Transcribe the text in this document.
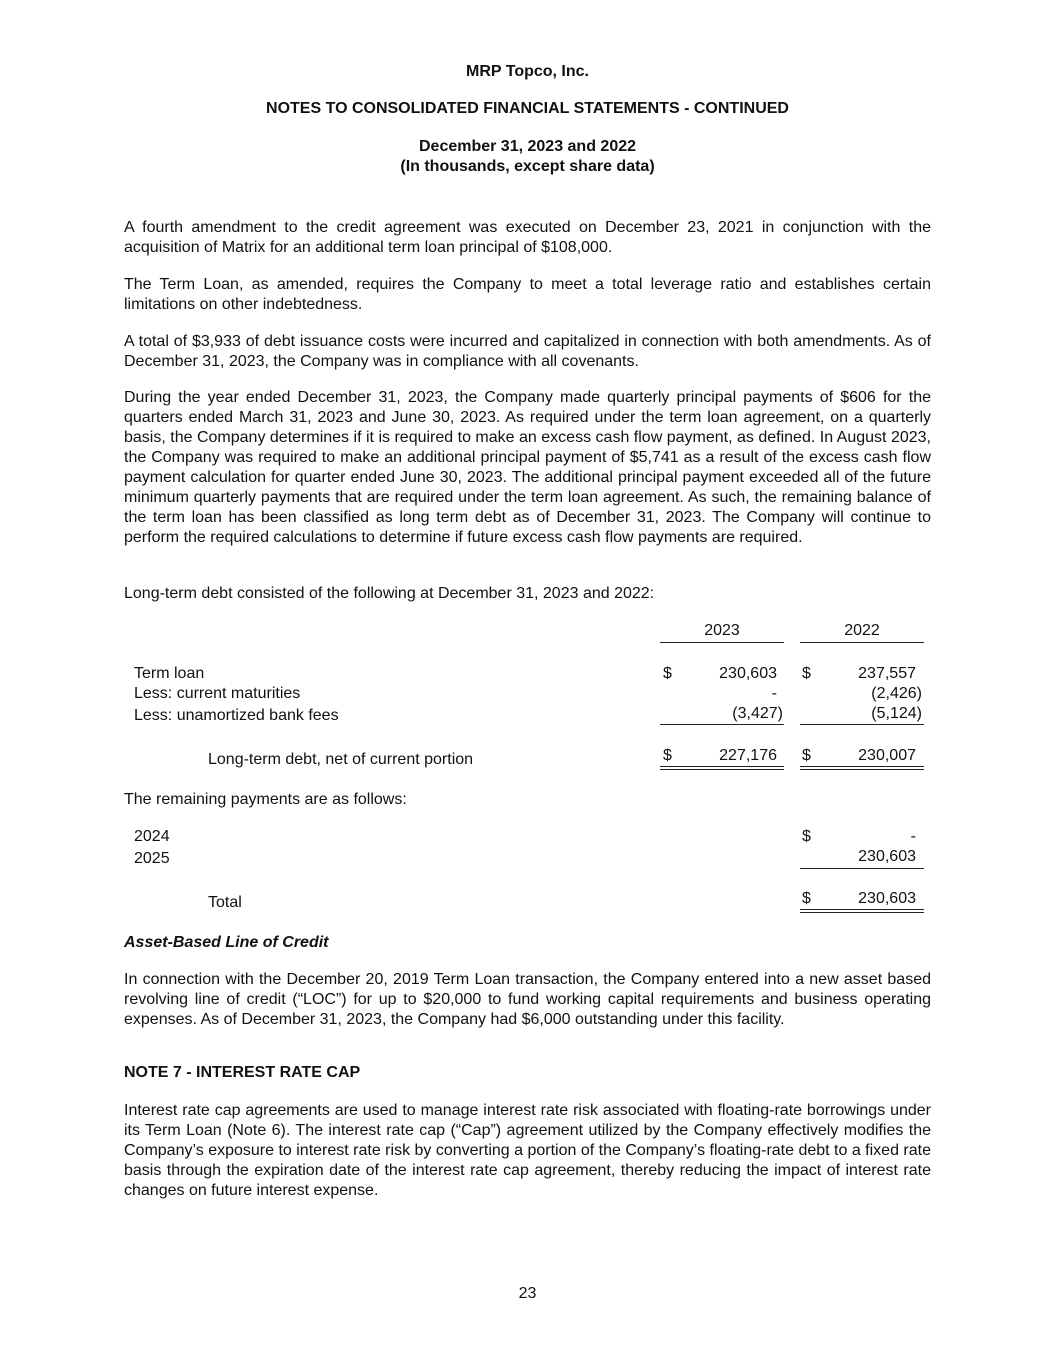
MRP Topco, Inc.
NOTES TO CONSOLIDATED FINANCIAL STATEMENTS - CONTINUED
December 31, 2023 and 2022
(In thousands, except share data)
A fourth amendment to the credit agreement was executed on December 23, 2021 in conjunction with the acquisition of Matrix for an additional term loan principal of $108,000.
The Term Loan, as amended, requires the Company to meet a total leverage ratio and establishes certain limitations on other indebtedness.
A total of $3,933 of debt issuance costs were incurred and capitalized in connection with both amendments. As of December 31, 2023, the Company was in compliance with all covenants.
During the year ended December 31, 2023, the Company made quarterly principal payments of $606 for the quarters ended March 31, 2023 and June 30, 2023. As required under the term loan agreement, on a quarterly basis, the Company determines if it is required to make an excess cash flow payment, as defined. In August 2023, the Company was required to make an additional principal payment of $5,741 as a result of the excess cash flow payment calculation for quarter ended June 30, 2023. The additional principal payment exceeded all of the future minimum quarterly payments that are required under the term loan agreement. As such, the remaining balance of the term loan has been classified as long term debt as of December 31, 2023. The Company will continue to perform the required calculations to determine if future excess cash flow payments are required.
Long-term debt consisted of the following at December 31, 2023 and 2022:
2023	2022
Term loan	$	230,603 $	237,557
Less: current maturities	-	(2,426)
Less: unamortized bank fees	(3,427)	(5,124)
Long-term debt, net of current portion	$	227,176 $	230,007
The remaining payments are as follows:
2024	$	-
2025	230,603
Total	$	230,603
Asset-Based Line of Credit
In connection with the December 20, 2019 Term Loan transaction, the Company entered into a new asset based revolving line of credit (“LOC”) for up to $20,000 to fund working capital requirements and business operating expenses. As of December 31, 2023, the Company had $6,000 outstanding under this facility.
NOTE 7 - INTEREST RATE CAP
Interest rate cap agreements are used to manage interest rate risk associated with floating-rate borrowings under its Term Loan (Note 6). The interest rate cap (“Cap”) agreement utilized by the Company effectively modifies the Company’s exposure to interest rate risk by converting a portion of the Company’s floating-rate debt to a fixed rate basis through the expiration date of the interest rate cap agreement, thereby reducing the impact of interest rate changes on future interest expense.
23
